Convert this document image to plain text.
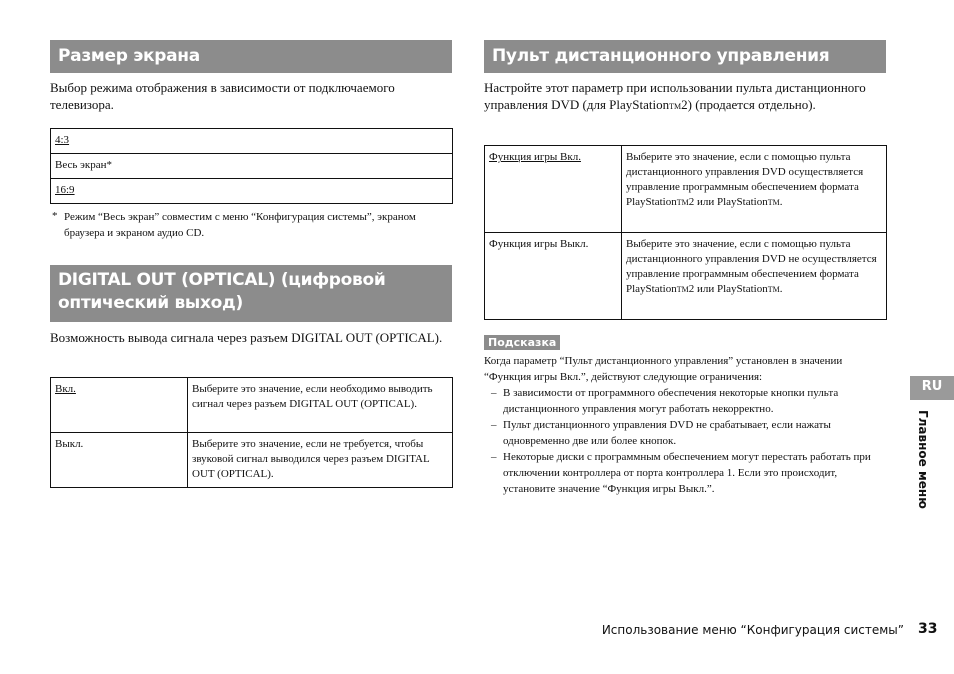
Размер экрана
Выбор режима отображения в зависимости от подключаемого телевизора.
4:3
Весь экран*
16:9
* Режим “Весь экран” совместим с меню “Конфигурация системы”, экраном браузера и экраном аудио CD.
DIGITAL OUT (OPTICAL) (цифровой оптический выход)
Возможность вывода сигнала через разъем DIGITAL OUT (OPTICAL).
Вкл.	Выберите это значение, если необходимо выводить сигнал через разъем DIGITAL OUT (OPTICAL).
Выкл.	Выберите это значение, если не требуется, чтобы звуковой сигнал выводился через разъем DIGITAL OUT (OPTICAL).
Пульт дистанционного управления
Настройте этот параметр при использовании пульта дистанционного управления DVD (для PlayStationTM2) (продается отдельно).
Функция игры Вкл.	Выберите это значение, если с помощью пульта дистанционного управления DVD осуществляется управление программным обеспечением формата PlayStationTM2 или PlayStationTM.
Функция игры Выкл.	Выберите это значение, если с помощью пульта дистанционного управления DVD не осуществляется управление программным обеспечением формата PlayStationTM2 или PlayStationTM.
Подсказка
Когда параметр “Пульт дистанционного управления” установлен в значении “Функция игры Вкл.”, действуют следующие ограничения:
– В зависимости от программного обеспечения некоторые кнопки пульта дистанционного управления могут работать некорректно.
– Пульт дистанционного управления DVD не срабатывает, если нажаты одновременно две или более кнопок.
– Некоторые диски с программным обеспечением могут перестать работать при отключении контроллера от порта контроллера 1. Если это происходит, установите значение “Функция игры Выкл.”.
RU
Главное меню
Использование меню “Конфигурация системы” 33
